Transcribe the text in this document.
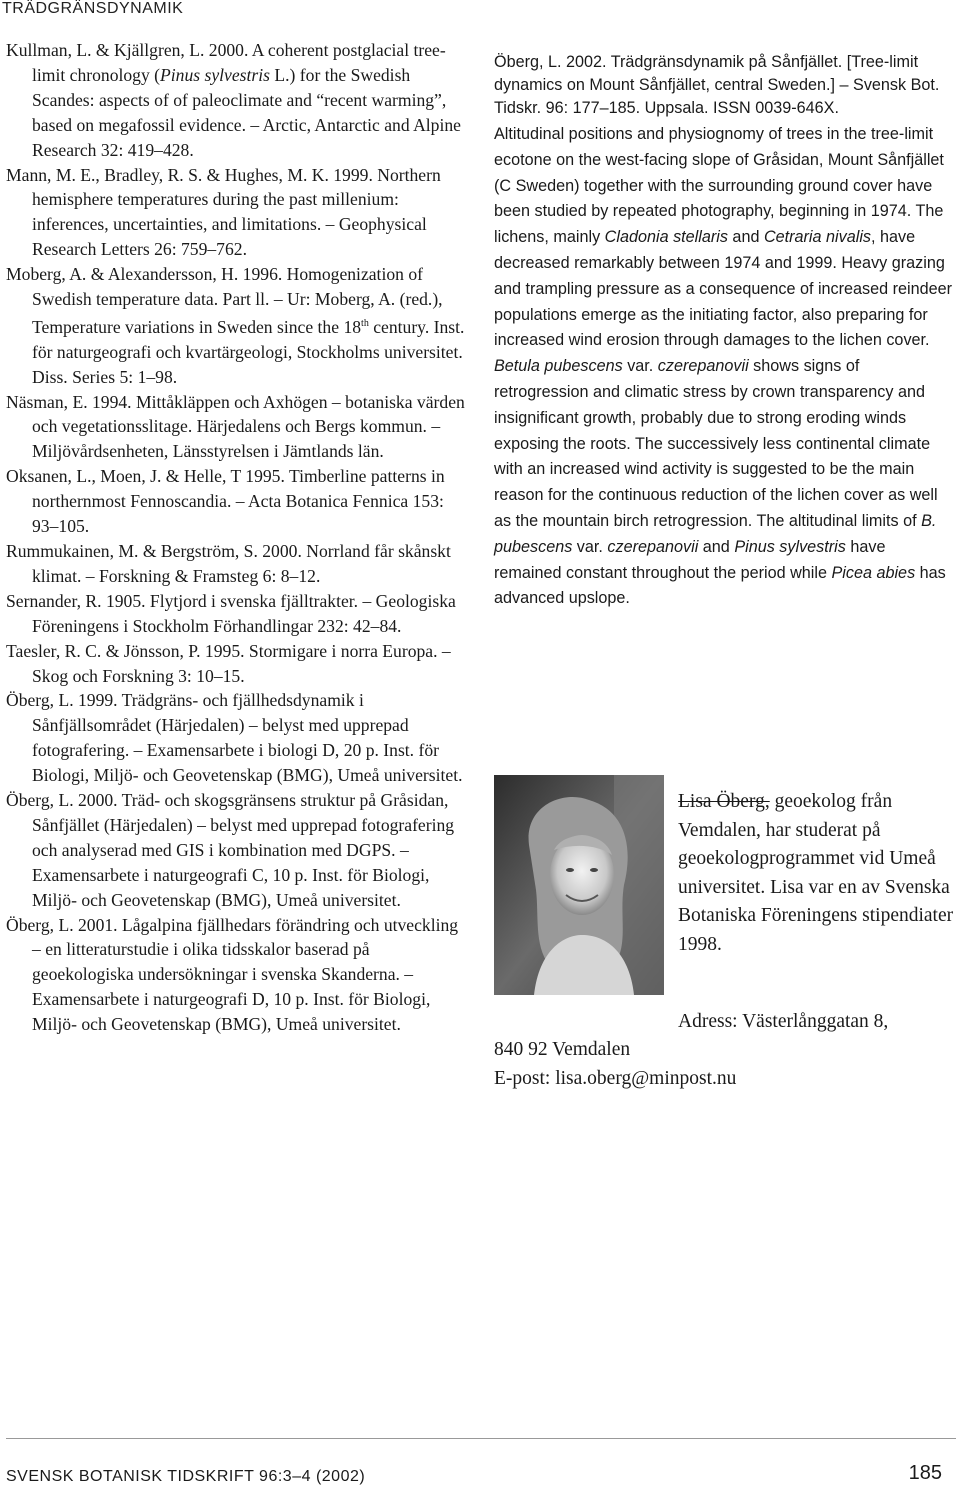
TRÄDGRÄNSDYNAMIK

Kullman, L. & Kjällgren, L. 2000. A coherent postglacial tree-limit chronology (Pinus sylvestris L.) for the Swedish Scandes: aspects of of paleoclimate and “recent warming”, based on megafossil evidence. – Arctic, Antarctic and Alpine Research 32: 419–428.

Mann, M. E., Bradley, R. S. & Hughes, M. K. 1999. Northern hemisphere temperatures during the past millenium: inferences, uncertainties, and limitations. – Geophysical Research Letters 26: 759–762.

Moberg, A. & Alexandersson, H. 1996. Homogenization of Swedish temperature data. Part ll. – Ur: Moberg, A. (red.), Temperature variations in Sweden since the 18th century. Inst. för naturgeografi och kvartärgeologi, Stockholms universitet. Diss. Series 5: 1–98.

Näsman, E. 1994. Mittåkläppen och Axhögen – botaniska värden och vegetationsslitage. Härjedalens och Bergs kommun. – Miljövårdsenheten, Länsstyrelsen i Jämtlands län.

Oksanen, L., Moen, J. & Helle, T 1995. Timberline patterns in northernmost Fennoscandia. – Acta Botanica Fennica 153: 93–105.

Rummukainen, M. & Bergström, S. 2000. Norrland får skånskt klimat. – Forskning & Framsteg 6: 8–12.

Sernander, R. 1905. Flytjord i svenska fjälltrakter. – Geologiska Föreningens i Stockholm Förhandlingar 232: 42–84.

Taesler, R. C. & Jönsson, P. 1995. Stormigare i norra Europa. – Skog och Forskning 3: 10–15.

Öberg, L. 1999. Trädgräns- och fjällhedsdynamik i Sånfjällsområdet (Härjedalen) – belyst med upprepad fotografering. – Examensarbete i biologi D, 20 p. Inst. för Biologi, Miljö- och Geovetenskap (BMG), Umeå universitet.

Öberg, L. 2000. Träd- och skogsgränsens struktur på Gråsidan, Sånfjället (Härjedalen) – belyst med upprepad fotografering och analyserad med GIS i kombination med DGPS. – Examensarbete i naturgeografi C, 10 p. Inst. för Biologi, Miljö- och Geovetenskap (BMG), Umeå universitet.

Öberg, L. 2001. Lågalpina fjällhedars förändring och utveckling – en litteraturstudie i olika tidsskalor baserad på geoekologiska undersökningar i svenska Skanderna. – Examensarbete i naturgeografi D, 10 p. Inst. för Biologi, Miljö- och Geovetenskap (BMG), Umeå universitet.

Öberg, L. 2002. Trädgränsdynamik på Sånfjället. [Tree-limit dynamics on Mount Sånfjället, central Sweden.] – Svensk Bot. Tidskr. 96: 177–185. Uppsala. ISSN 0039-646X.

Altitudinal positions and physiognomy of trees in the tree-limit ecotone on the west-facing slope of Gråsidan, Mount Sånfjället (C Sweden) together with the surrounding ground cover have been studied by repeated photography, beginning in 1974. The lichens, mainly Cladonia stellaris and Cetraria nivalis, have decreased remarkably between 1974 and 1999. Heavy grazing and trampling pressure as a consequence of increased reindeer populations emerge as the initiating factor, also preparing for increased wind erosion through damages to the lichen cover. Betula pubescens var. czerepanovii shows signs of retrogression and climatic stress by crown transparency and insignificant growth, probably due to strong eroding winds exposing the roots. The successively less continental climate with an increased wind activity is suggested to be the main reason for the continuous reduction of the lichen cover as well as the mountain birch retrogression. The altitudinal limits of B. pubescens var. czerepanovii and Pinus sylvestris have remained constant throughout the period while Picea abies has advanced upslope.

Lisa Öberg, geoekolog från Vemdalen, har studerat på geoekologprogrammet vid Umeå universitet. Lisa var en av Svenska Botaniska Föreningens stipendiater 1998.
Adress: Västerlånggatan 8,
840 92 Vemdalen
E-post: lisa.oberg@minpost.nu
SVENSK BOTANISK TIDSKRIFT 96:3–4 (2002)	185
